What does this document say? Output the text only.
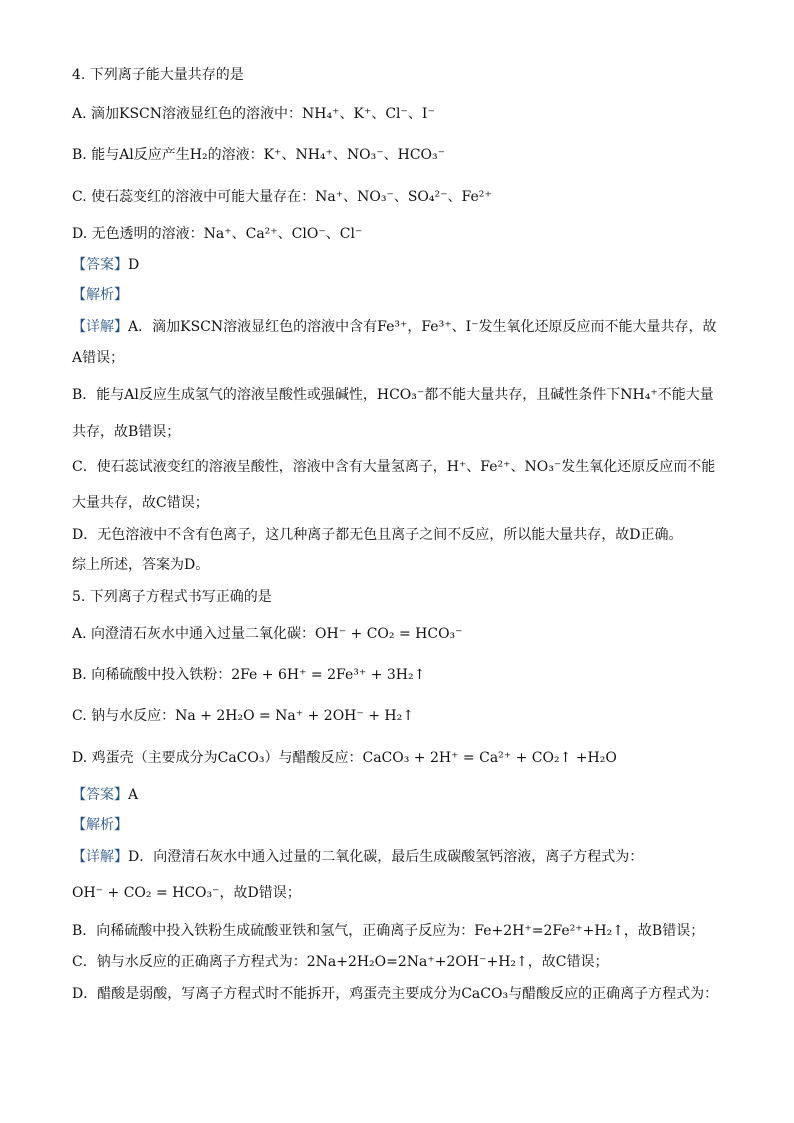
4. 下列离子能大量共存的是
A. 滴加KSCN溶液显红色的溶液中：NH₄⁺、K⁺、Cl⁻、I⁻
B. 能与Al反应产生H₂的溶液：K⁺、NH₄⁺、NO₃⁻、HCO₃⁻
C. 使石蕊变红的溶液中可能大量存在：Na⁺、NO₃⁻、SO₄²⁻、Fe²⁺
D. 无色透明的溶液：Na⁺、Ca²⁺、ClO⁻、Cl⁻
【答案】D
【解析】
【详解】A．滴加KSCN溶液显红色的溶液中含有Fe³⁺，Fe³⁺、I⁻发生氧化还原反应而不能大量共存，故
A错误；
B．能与Al反应生成氢气的溶液呈酸性或强碱性，HCO₃⁻都不能大量共存，且碱性条件下NH₄⁺不能大量
共存，故B错误；
C．使石蕊试液变红的溶液呈酸性，溶液中含有大量氢离子，H⁺、Fe²⁺、NO₃⁻发生氧化还原反应而不能
大量共存，故C错误；
D．无色溶液中不含有色离子，这几种离子都无色且离子之间不反应，所以能大量共存，故D正确。
综上所述，答案为D。
5. 下列离子方程式书写正确的是
A. 向澄清石灰水中通入过量二氧化碳：OH⁻ + CO₂ = HCO₃⁻
B. 向稀硫酸中投入铁粉：2Fe + 6H⁺ = 2Fe³⁺ + 3H₂↑
C. 钠与水反应：Na + 2H₂O = Na⁺ + 2OH⁻ + H₂↑
D. 鸡蛋壳（主要成分为CaCO₃）与醋酸反应：CaCO₃ + 2H⁺ = Ca²⁺ + CO₂↑ +H₂O
【答案】A
【解析】
【详解】D．向澄清石灰水中通入过量的二氧化碳，最后生成碳酸氢钙溶液，离子方程式为：
OH⁻ + CO₂ = HCO₃⁻，故D错误；
B．向稀硫酸中投入铁粉生成硫酸亚铁和氢气，正确离子反应为：Fe+2H⁺=2Fe²⁺+H₂↑，故B错误；
C．钠与水反应的正确离子方程式为：2Na+2H₂O=2Na⁺+2OH⁻+H₂↑，故C错误；
D．醋酸是弱酸，写离子方程式时不能拆开，鸡蛋壳主要成分为CaCO₃与醋酸反应的正确离子方程式为：
